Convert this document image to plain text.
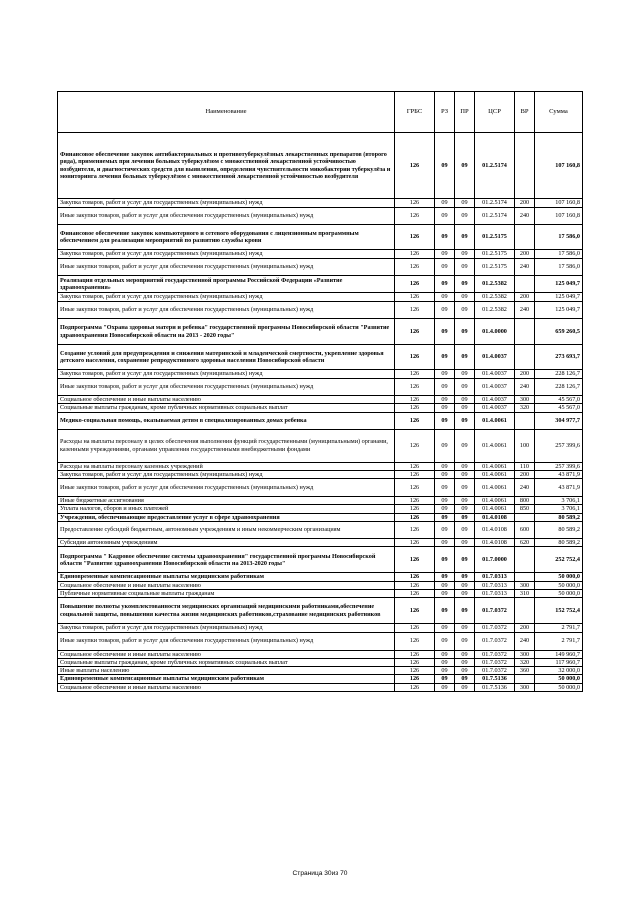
Наименование	ГРБС	РЗ	ПР	ЦСР	ВР	Сумма
Финансовое обеспечение закупок антибактериальных и противотуберкулёзных лекарственных препаратов (второго ряда), применяемых при лечении больных туберкулёзом с множественной лекарственной устойчивостью возбудителя, и диагностических средств для выявления, определения чувствительности микобактерии туберкулёза и мониторинга лечения больных туберкулёзом с множественной лекарственной устойчивостью возбудителя	126	09	09	01.2.5174		107 160,8
Закупка товаров, работ и услуг для государственных (муниципальных) нужд	126	09	09	01.2.5174	200	107 160,8
Иные закупки товаров, работ и услуг для обеспечения государственных (муниципальных) нужд	126	09	09	01.2.5174	240	107 160,8
Финансовое обеспечение закупок компьютерного и сетевого оборудования с лицензионным программным обеспечением для реализации мероприятий по развитию службы крови	126	09	09	01.2.5175		17 586,0
Закупка товаров, работ и услуг для государственных (муниципальных) нужд	126	09	09	01.2.5175	200	17 586,0
Иные закупки товаров, работ и услуг для обеспечения государственных (муниципальных) нужд	126	09	09	01.2.5175	240	17 586,0
Реализация отдельных мероприятий государственной программы Российской Федерации «Развитие здравоохранения»	126	09	09	01.2.5382		125 049,7
Закупка товаров, работ и услуг для государственных (муниципальных) нужд	126	09	09	01.2.5382	200	125 049,7
Иные закупки товаров, работ и услуг для обеспечения государственных (муниципальных) нужд	126	09	09	01.2.5382	240	125 049,7
Подпрограмма "Охрана здоровья матери и ребенка" государственной программы Новосибирской области "Развитие здравоохранения Новосибирской области на 2013 - 2020 годы"	126	09	09	01.4.0000		659 260,5
Создание условий для предупреждения и снижения материнской и младенческой смертности, укрепление здоровья детского населения, сохранение репродуктивного здоровья населения Новосибирской области	126	09	09	01.4.0037		273 693,7
Закупка товаров, работ и услуг для государственных (муниципальных) нужд	126	09	09	01.4.0037	200	228 126,7
Иные закупки товаров, работ и услуг для обеспечения государственных (муниципальных) нужд	126	09	09	01.4.0037	240	228 126,7
Социальное обеспечение и иные выплаты населению	126	09	09	01.4.0037	300	45 567,0
Социальные выплаты гражданам, кроме публичных нормативных социальных выплат	126	09	09	01.4.0037	320	45 567,0
Медико-социальная помощь, оказываемая детям в специализированных домах ребенка	126	09	09	01.4.0061		304 977,7
Расходы на выплаты персоналу в целях обеспечения выполнения функций государственными (муниципальными) органами, казенными учреждениями, органами управления государственными внебюджетными фондами	126	09	09	01.4.0061	100	257 399,6
Расходы на выплаты персоналу казенных учреждений	126	09	09	01.4.0061	110	257 399,6
Закупка товаров, работ и услуг для государственных (муниципальных) нужд	126	09	09	01.4.0061	200	43 871,9
Иные закупки товаров, работ и услуг для обеспечения государственных (муниципальных) нужд	126	09	09	01.4.0061	240	43 871,9
Иные бюджетные ассигнования	126	09	09	01.4.0061	800	3 706,1
Уплата налогов, сборов и иных платежей	126	09	09	01.4.0061	850	3 706,1
Учреждения, обеспечивающие предоставление услуг в сфере здравоохранения	126	09	09	01.4.0108		80 589,2
Предоставление субсидий бюджетным, автономным учреждениям и иным некоммерческим организациям	126	09	09	01.4.0108	600	80 589,2
Субсидии автономным учреждениям	126	09	09	01.4.0108	620	80 589,2
Подпрограмма " Кадровое обеспечение системы здравоохранения" государственной программы Новосибирской области "Развитие здравоохранения Новосибирской области на 2013-2020 годы"	126	09	09	01.7.0000		252 752,4
Единовременные компенсационные выплаты медицинским работникам	126	09	09	01.7.0313		50 000,0
Социальное обеспечение и иные выплаты населению	126	09	09	01.7.0313	300	50 000,0
Публичные нормативные социальные выплаты гражданам	126	09	09	01.7.0313	310	50 000,0
Повышение полноты укомплектованности медицинских организаций медицинскими работниками,обеспечение социальной защиты, повышения качества жизни медицинских работников,страхование медицинских работников	126	09	09	01.7.0372		152 752,4
Закупка товаров, работ и услуг для государственных (муниципальных) нужд	126	09	09	01.7.0372	200	2 791,7
Иные закупки товаров, работ и услуг для обеспечения государственных (муниципальных) нужд	126	09	09	01.7.0372	240	2 791,7
Социальное обеспечение и иные выплаты населению	126	09	09	01.7.0372	300	149 960,7
Социальные выплаты гражданам, кроме публичных нормативных социальных выплат	126	09	09	01.7.0372	320	117 960,7
Иные выплаты населению	126	09	09	01.7.0372	360	32 000,0
Единовременные компенсационные выплаты медицинским работникам	126	09	09	01.7.5136		50 000,0
Социальное обеспечение и иные выплаты населению	126	09	09	01.7.5136	300	50 000,0
Страница 30из 70
